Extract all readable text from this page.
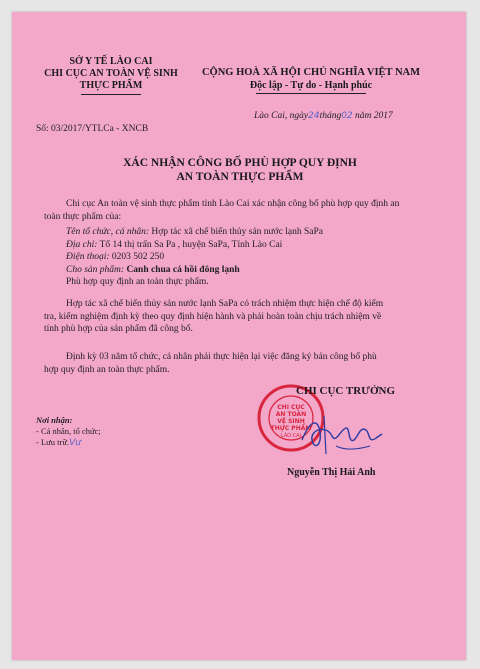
SỞ Y TẾ LÀO CAI
CHI CỤC AN TOÀN VỆ SINH
THỰC PHẨM
CỘNG HOÀ XÃ HỘI CHỦ NGHĨA VIỆT NAM
Độc lập - Tự do - Hạnh phúc
Lào Cai, ngày24tháng02 năm 2017
Số: 03/2017/YTLCa - XNCB
XÁC NHẬN CÔNG BỐ PHÙ HỢP QUY ĐỊNH
AN TOÀN THỰC PHẨM
Chi cục An toàn vệ sinh thực phẩm tỉnh Lào Cai xác nhận công bố phù hợp quy định an
toàn thực phẩm của:
Tên tổ chức, cá nhân: Hợp tác xã chế biến thủy sản nước lạnh SaPa
Địa chỉ: Tổ 14 thị trấn Sa Pa , huyện SaPa, Tỉnh Lào Cai
Điện thoại: 0203 502 250
Cho sản phẩm: Canh chua cá hồi đông lạnh
Phù hợp quy định an toàn thực phẩm.
Hợp tác xã chế biến thủy sản nước lạnh SaPa có trách nhiệm thực hiện chế độ kiểm
tra, kiểm nghiệm định kỳ theo quy định hiện hành và phải hoàn toàn chịu trách nhiệm về
tính phù hợp của sản phẩm đã công bố.
Định kỳ 03 năm tổ chức, cá nhân phải thực hiện lại việc đăng ký bản công bố phù
hợp quy định an toàn thực phẩm.
Nơi nhận:
- Cá nhân, tổ chức;
- Lưu trữ.Vư
CHI CỤC
AN TOÀN
VỆ SINH
THỰC PHẨM
LÀO CAI
CHI CỤC TRƯỞNG
Nguyễn Thị Hải Anh
